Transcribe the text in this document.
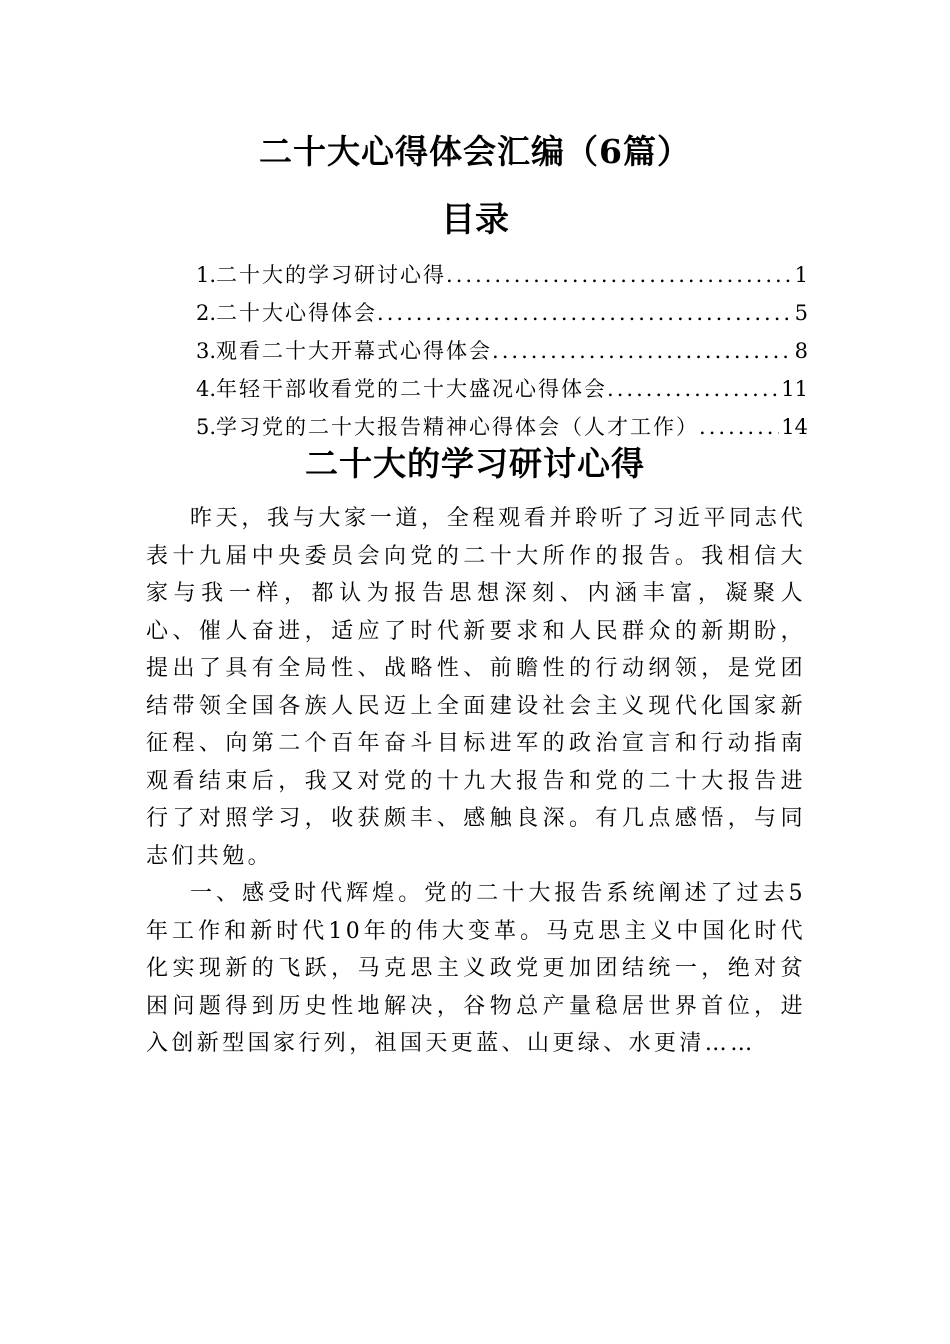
二十大心得体会汇编（6篇）
目录
1. 二十大的学习研讨心得 .....	1
2. 二十大心得体会 .....	5
3. 观看二十大开幕式心得体会 .....	8
4. 年轻干部收看党的二十大盛况心得体会 .....	11
5. 学习党的二十大报告精神心得体会（人才工作） .....	14
二十大的学习研讨心得

昨天，我与大家一道，全程观看并聆听了习近平同志代表十九届中央委员会向党的二十大所作的报告。我相信大家与我一样，都认为报告思想深刻、内涵丰富，凝聚人心、催人奋进，适应了时代新要求和人民群众的新期盼，提出了具有全局性、战略性、前瞻性的行动纲领，是党团结带领全国各族人民迈上全面建设社会主义现代化国家新征程、向第二个百年奋斗目标进军的政治宣言和行动指南观看结束后，我又对党的十九大报告和党的二十大报告进行了对照学习，收获颇丰、感触良深。有几点感悟，与同志们共勉。

一、感受时代辉煌。党的二十大报告系统阐述了过去5年工作和新时代10年的伟大变革。马克思主义中国化时代化实现新的飞跃，马克思主义政党更加团结统一，绝对贫困问题得到历史性地解决，谷物总产量稳居世界首位，进入创新型国家行列，祖国天更蓝、山更绿、水更清……
